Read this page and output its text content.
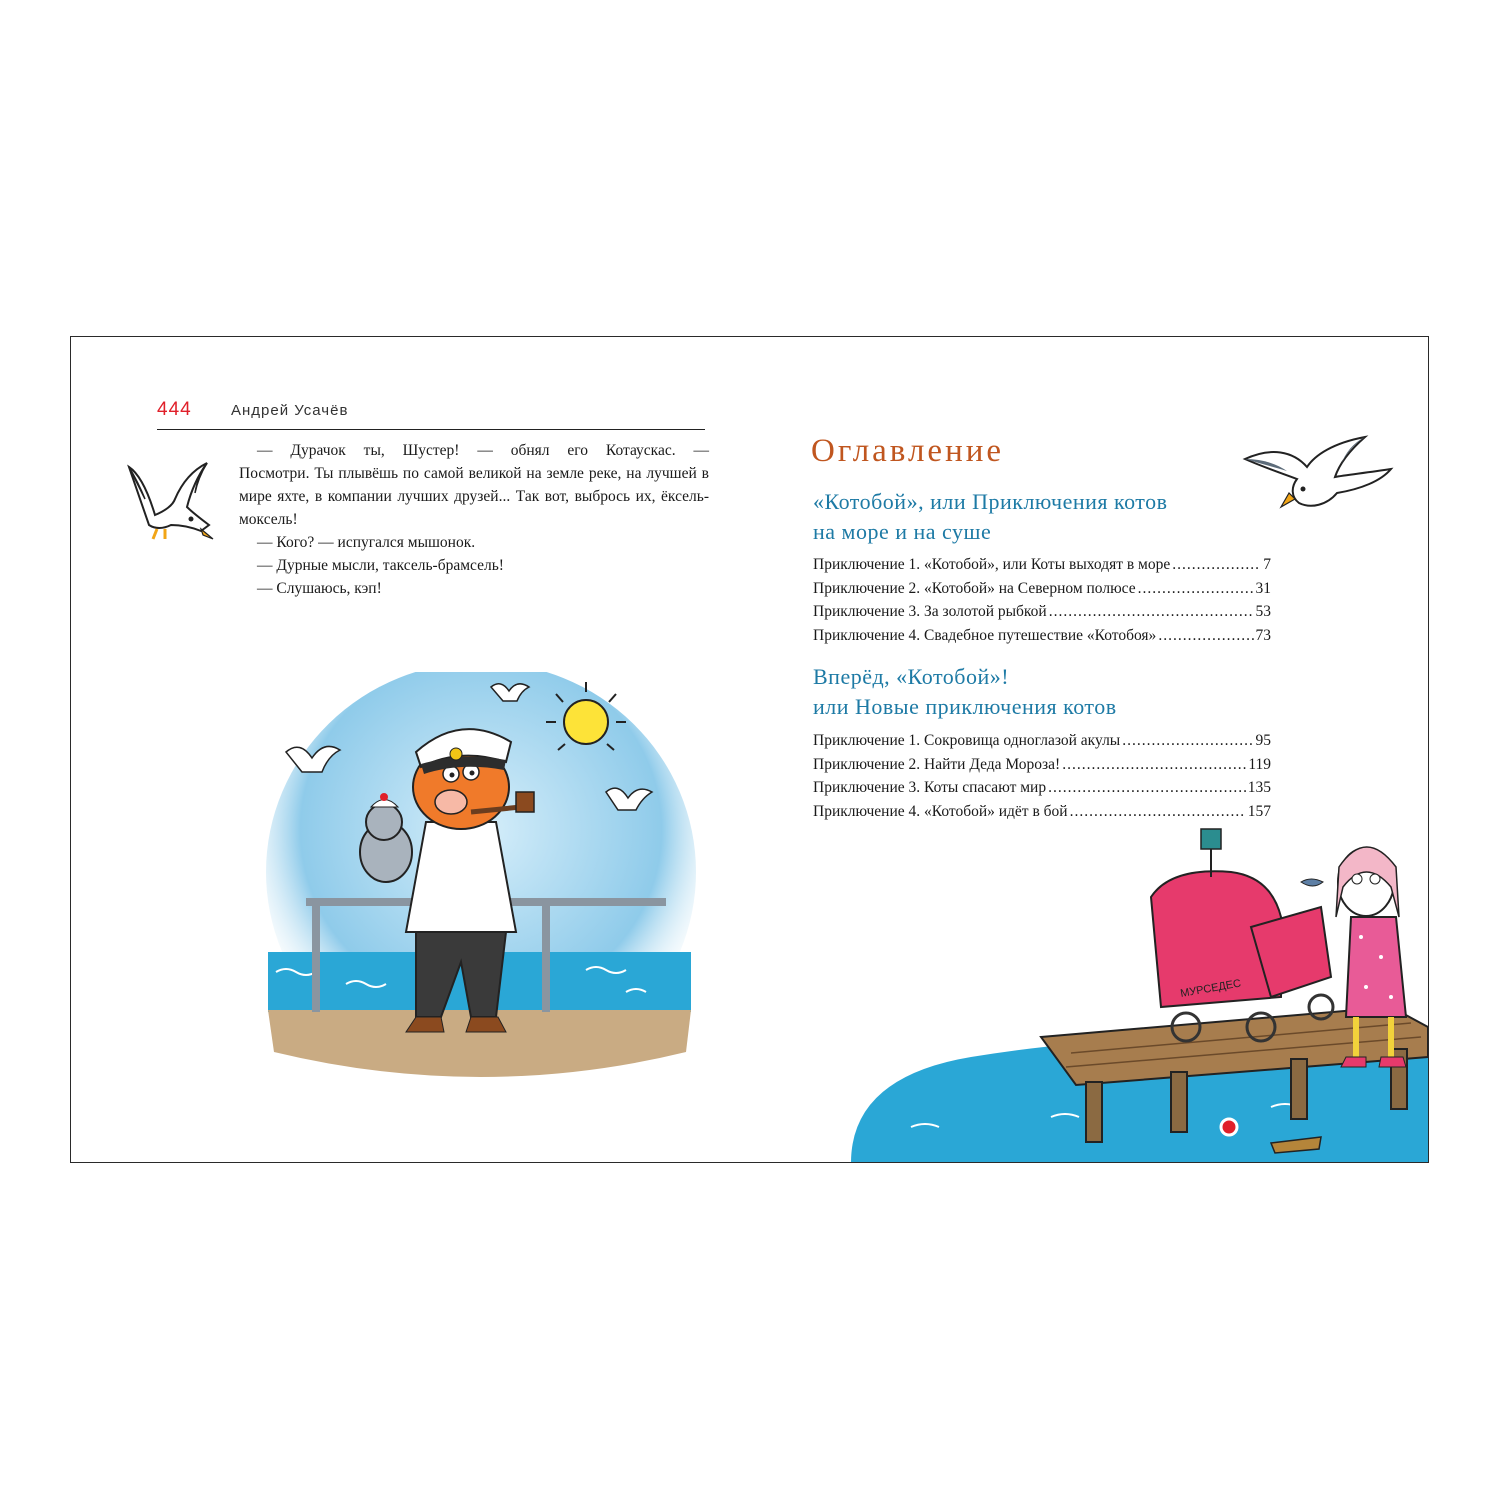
444	Андрей Усачёв

— Дурачок ты, Шустер! — обнял его Котаускас. —

Посмотри. Ты плывёшь по самой великой на земле реке, на лучшей в мире яхте, в компании лучших друзей... Так вот, выбрось их, ёксель-моксель!

— Кого? — испугался мышонок.

— Дурные мысли, таксель-брамсель!

— Слушаюсь, кэп!

Оглавление
«Котобой», или Приключения котов
на море и на суше
Приключение 1. «Котобой», или Коты выходят в море .....	7
Приключение 2. «Котобой» на Северном полюсе .....	31
Приключение 3. За золотой рыбкой .....	53
Приключение 4. Свадебное путешествие «Котобоя» .....	73
Вперёд, «Котобой»!
или Новые приключения котов
Приключение 1. Сокровища одноглазой акулы .....	95
Приключение 2. Найти Деда Мороза! .....	119
Приключение 3. Коты спасают мир .....	135
Приключение 4. «Котобой» идёт в бой .....	157
МУРСЕДЕС
